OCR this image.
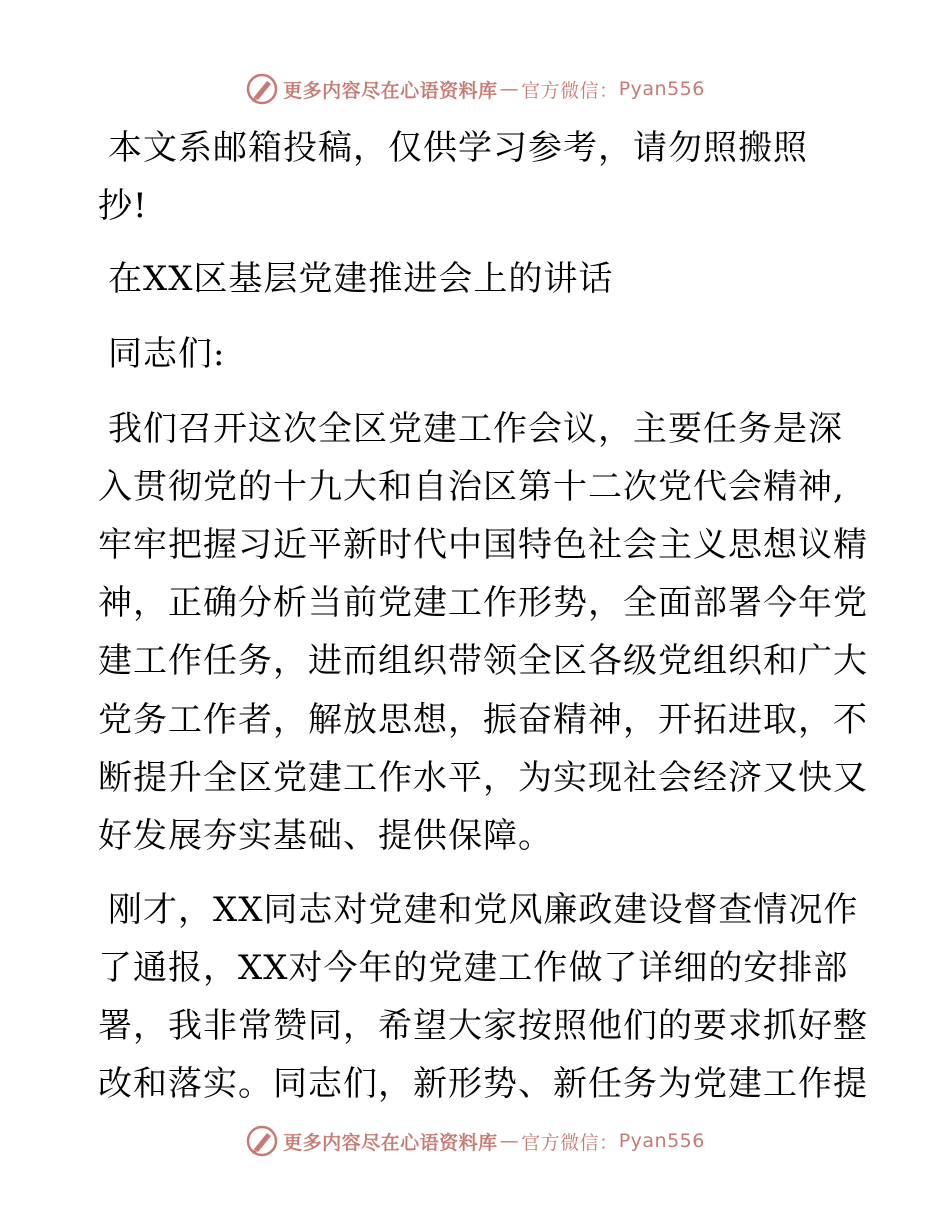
更多内容尽在心语资料库 — 官方微信： Pyan556
本文系邮箱投稿，仅供学习参考，请勿照搬照
抄!
在XX区基层党建推进会上的讲话
同志们:
我们召开这次全区党建工作会议，主要任务是深
入贯彻党的十九大和自治区第十二次党代会精神,
牢牢把握习近平新时代中国特色社会主义思想议精
神，正确分析当前党建工作形势，全面部署今年党
建工作任务，进而组织带领全区各级党组织和广大
党务工作者，解放思想，振奋精神，开拓进取，不
断提升全区党建工作水平，为实现社会经济又快又
好发展夯实基础、提供保障。
刚才，XX同志对党建和党风廉政建设督查情况作
了通报，XX对今年的党建工作做了详细的安排部
署，我非常赞同，希望大家按照他们的要求抓好整
改和落实。同志们，新形势、新任务为党建工作提
更多内容尽在心语资料库 — 官方微信： Pyan556
